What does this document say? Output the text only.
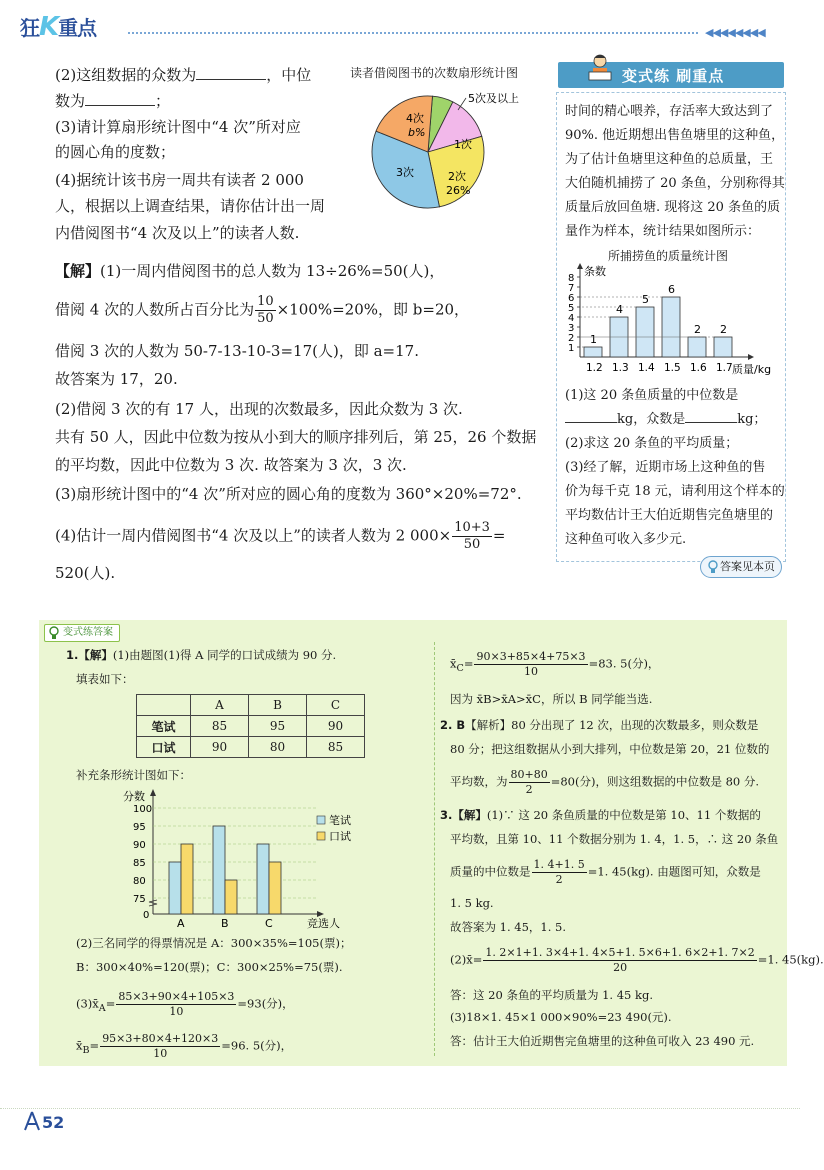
狂K重点	◀◀◀◀◀◀◀◀
(2)这组数据的众数为	，中位
数为	；
(3)请计算扇形统计图中“4 次”所对应
的圆心角的度数；
(4)据统计该书房一周共有读者 2 000
人，根据以上调查结果，请你估计出一周
内借阅图书“4 次及以上”的读者人数.
【解】(1)一周内借阅图书的总人数为 13÷26%=50(人)，
借阅 4 次的人数所占百分比为 $\frac{10}{50} \times 100\%=20\%$，即 b=20，
借阅 3 次的人数为 50-7-13-10-3=17(人)，即 a=17.
故答案为 17，20.
(2)借阅 3 次的有 17 人，出现的次数最多，因此众数为 3 次.
共有 50 人，因此中位数为按从小到大的顺序排列后，第 25，26 个数据
的平均数，因此中位数为 3 次. 故答案为 3 次，3 次.
(3)扇形统计图中的“4 次”所对应的圆心角的度数为 360°×20%=72°.
(4)估计一周内借阅图书“4 次及以上”的读者人数为 2 $000\times \frac{10+3}{50}$ =
520(人).
读者借阅图书的次数扇形统计图
4次
b%
5次及以上
1次
2次
26%
3次
变式练 刷重点
时间的精心喂养，存活率大致达到了
90%. 他近期想出售鱼塘里的这种鱼，
为了估计鱼塘里这种鱼的总质量，王
大伯随机捕捞了 20 条鱼，分别称得其
质量后放回鱼塘. 现将这 20 条鱼的质
量作为样本，统计结果如图所示：
所捕捞鱼的质量统计图
条数
质量/kg
1
2
3
4
5
6
7
8
1
1.2
4
1.3
5
1.4
6
1.5
2
1.6
2
1.7
(1)这 20 条鱼质量的中位数是
kg，众数是	kg；
(2)求这 20 条鱼的平均质量；
(3)经了解，近期市场上这种鱼的售
价为每千克 18 元，请利用这个样本的
平均数估计王大伯近期售完鱼塘里的
这种鱼可收入多少元.
答案见本页
变式练答案
1.【解】(1)由题图(1)得 A 同学的口试成绩为 90 分.
填表如下：
	A	B	C
笔试	85	95	90
口试	90	80	85
补充条形统计图如下：
分数
竞选人
0
75
80
85
90
95
100
A	B	C
笔试
口试
(2)三名同学的得票情况是 A：300×35%=105(票)；
B：300×40%=120(票)；C：300×25%=75(票).
$(3)x̄_A= \frac{85\times 3+90\times 4+105\times 3}{10} =93$(分)，
$x̄_B= \frac{95\times 3+80\times 4+120\times 3}{10} =96$. 5(分)，
$x̄_C= \frac{90\times 3+85\times 4+75\times 3}{10} =83$. 5(分)，
因为 x̄B>x̄A>x̄C，所以 B 同学能当选.
2. B【解析】80 分出现了 12 次，出现的次数最多，则众数是
80 分；把这组数据从小到大排列，中位数是第 20，21 位数的
平均数，为 $\frac{80+80}{2} =80$(分)，则这组数据的中位数是 80 分.
3.【解】(1)∵ 这 20 条鱼质量的中位数是第 10、11 个数据的
平均数，且第 10、11 个数据分别为 1. 4，1. 5，∴ 这 20 条鱼
质量的中位数是 $\frac{1. 4+1. 5}{2} =1$. 45(kg). 由题图可知，众数是
1. 5 kg.
故答案为 1. 45，1. 5.
(2)x̄= $\frac{1. 2\times 1+1. 3\times 4+1. 4\times 5+1. 5\times 6+1. 6\times 2+1. 7\times 2}{20} =1$. 45(kg).
答：这 20 条鱼的平均质量为 1. 45 kg.
(3)18×1. 45×1 000×90%=23 490(元).
答：估计王大伯近期售完鱼塘里的这种鱼可收入 23 490 元.
52
